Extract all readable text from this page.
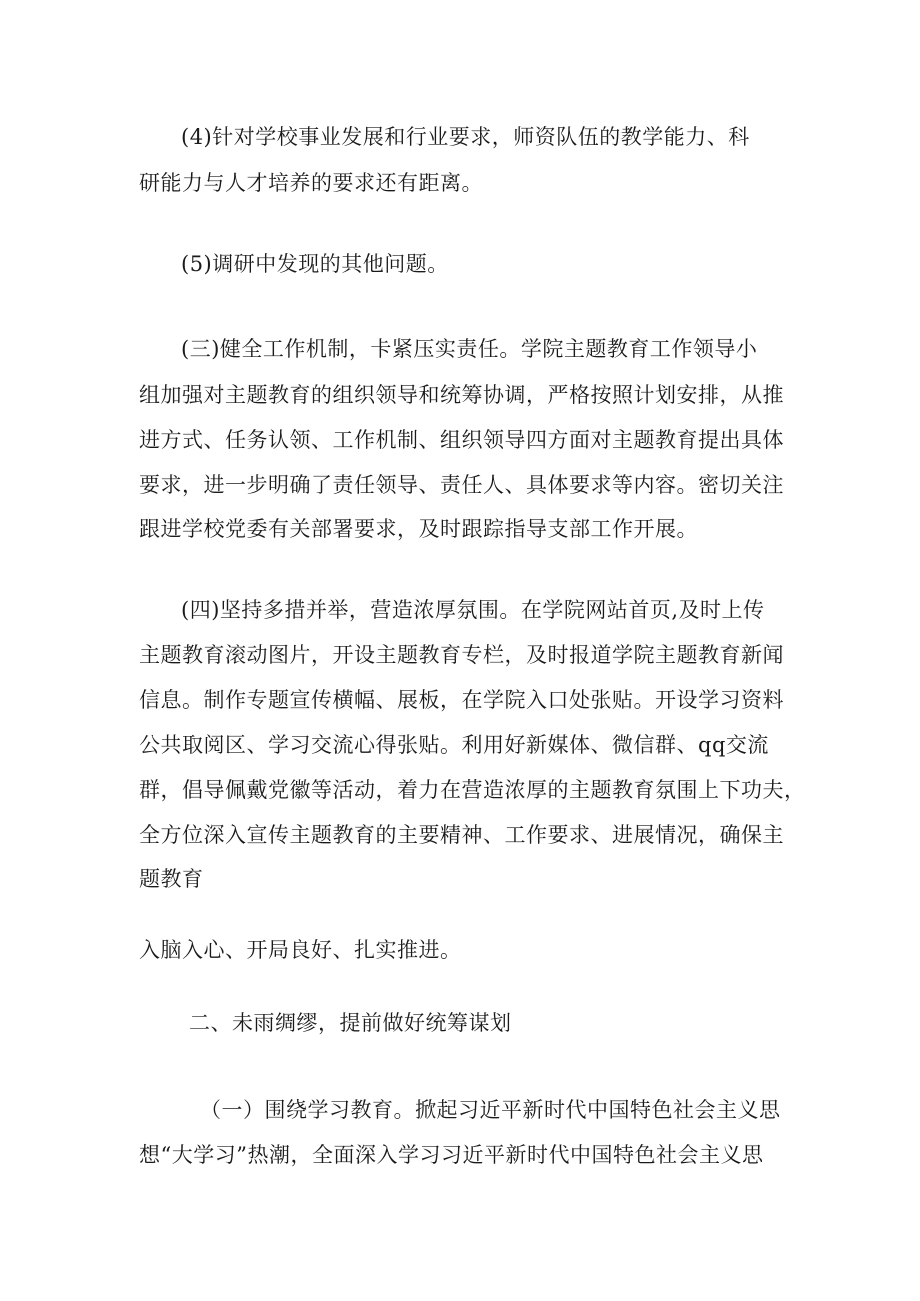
(4)针对学校事业发展和行业要求，师资队伍的教学能力、科
研能力与人才培养的要求还有距离。
(5)调研中发现的其他问题。
(三)健全工作机制，卡紧压实责任。学院主题教育工作领导小
组加强对主题教育的组织领导和统筹协调，严格按照计划安排，从推
进方式、任务认领、工作机制、组织领导四方面对主题教育提出具体
要求，进一步明确了责任领导、责任人、具体要求等内容。密切关注
跟进学校党委有关部署要求，及时跟踪指导支部工作开展。
(四)坚持多措并举，营造浓厚氛围。在学院网站首页,及时上传
主题教育滚动图片，开设主题教育专栏，及时报道学院主题教育新闻
信息。制作专题宣传横幅、展板，在学院入口处张贴。开设学习资料
公共取阅区、学习交流心得张贴。利用好新媒体、微信群、qq交流
群，倡导佩戴党徽等活动，着力在营造浓厚的主题教育氛围上下功夫，
全方位深入宣传主题教育的主要精神、工作要求、进展情况，确保主
题教育
入脑入心、开局良好、扎实推进。
二、未雨绸缪，提前做好统筹谋划
（一）围绕学习教育。掀起习近平新时代中国特色社会主义思
想“大学习”热潮，全面深入学习习近平新时代中国特色社会主义思
